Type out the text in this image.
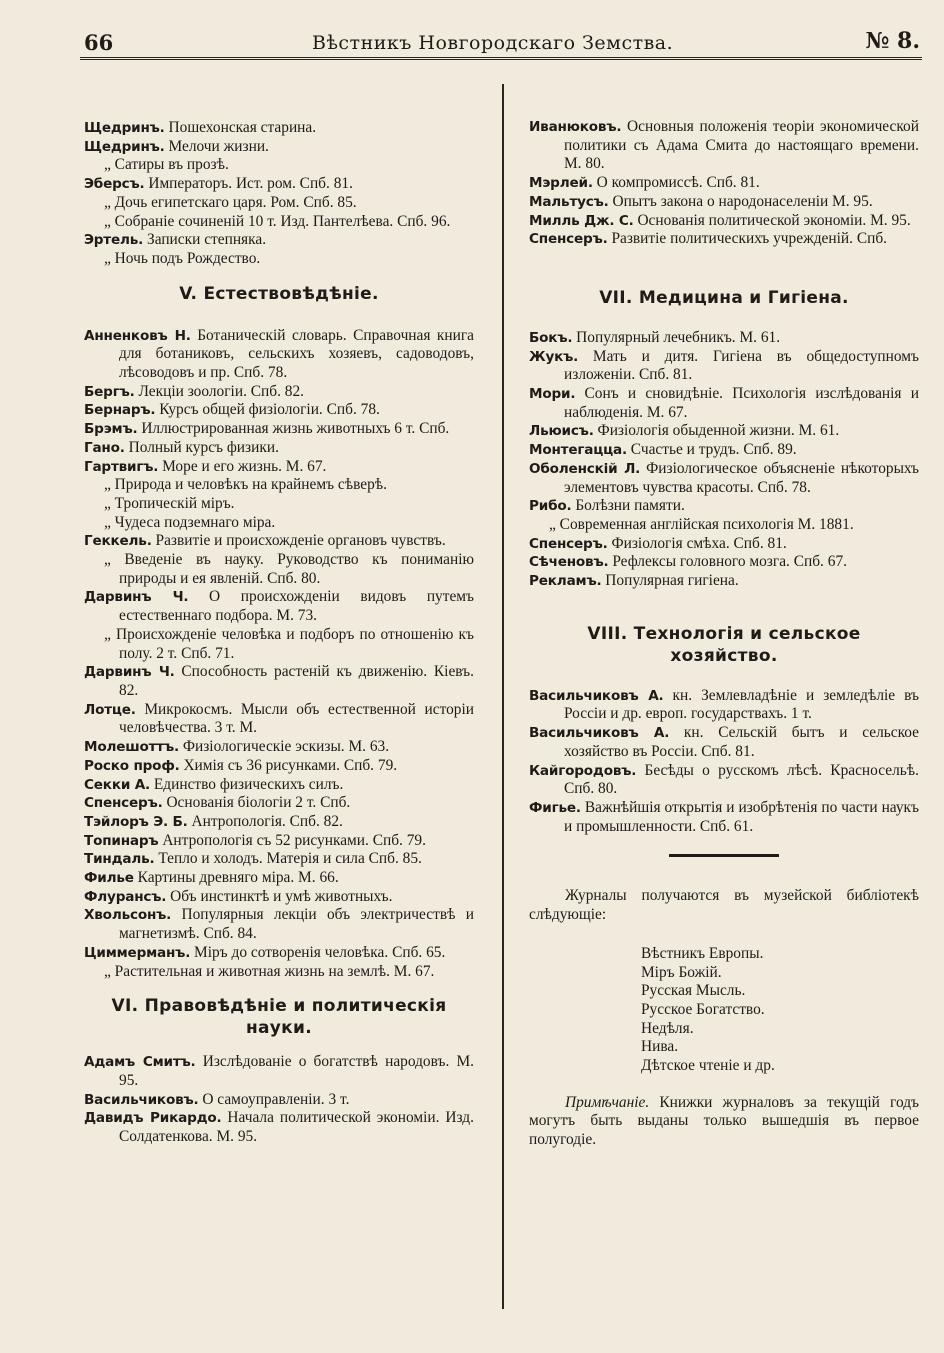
66	Вѣстникъ Новгородскаго Земства.	№ 8.
Щедринъ. Пошехонская старина.
Щедринъ. Мелочи жизни.
„ Сатиры въ прозѣ.
Эберсъ. Императоръ. Ист. ром. Спб. 81.
„ Дочь египетскаго царя. Ром. Спб. 85.
„ Собраніе сочиненій 10 т. Изд. Пантелѣева. Спб. 96.
Эртель. Записки степняка.
„ Ночь подъ Рождество.
V. Естествовѣдѣніе.
Анненковъ Н. Ботаническій словарь. Справочная книга для ботаниковъ, сельскихъ хозяевъ, садоводовъ, лѣсоводовъ и пр. Спб. 78.
Бергъ. Лекціи зоологіи. Спб. 82.
Бернаръ. Курсъ общей физіологіи. Спб. 78.
Брэмъ. Иллюстрированная жизнь животныхъ 6 т. Спб.
Гано. Полный курсъ физики.
Гартвигъ. Море и его жизнь. М. 67.
„ Природа и человѣкъ на крайнемъ сѣверѣ.
„ Тропическій міръ.
„ Чудеса подземнаго міра.
Геккель. Развитіе и происхожденіе органовъ чувствъ.
„ Введеніе въ науку. Руководство къ пониманію природы и ея явленій. Спб. 80.
Дарвинъ Ч. О происхожденіи видовъ путемъ естественнаго подбора. М. 73.
„ Происхожденіе человѣка и подборъ по отношенію къ полу. 2 т. Спб. 71.
Дарвинъ Ч. Способность растеній къ движенію. Кіевъ. 82.
Лотце. Микрокосмъ. Мысли объ естественной исторіи человѣчества. 3 т. М.
Молешоттъ. Физіологическіе эскизы. М. 63.
Роско проф. Химія съ 36 рисунками. Спб. 79.
Секки А. Единство физическихъ силъ.
Спенсеръ. Основанія біологіи 2 т. Спб.
Тэйлоръ Э. Б. Антропологія. Спб. 82.
Топинаръ Антропологія съ 52 рисунками. Спб. 79.
Тиндаль. Тепло и холодъ. Матерія и сила Спб. 85.
Филье Картины древняго міра. М. 66.
Флурансъ. Объ инстинктѣ и умѣ животныхъ.
Хвольсонъ. Популярныя лекціи объ электричествѣ и магнетизмѣ. Спб. 84.
Циммерманъ. Міръ до сотворенія человѣка. Спб. 65.
„ Растительная и животная жизнь на землѣ. М. 67.
VI. Правовѣдѣніе и политическія науки.
Адамъ Смитъ. Изслѣдованіе о богатствѣ народовъ. М. 95.
Васильчиковъ. О самоуправленіи. 3 т.
Давидъ Рикардо. Начала политической экономіи. Изд. Солдатенкова. М. 95.
Иванюковъ. Основныя положенія теоріи экономической политики съ Адама Смита до настоящаго времени. М. 80.
Мэрлей. О компромиссѣ. Спб. 81.
Мальтусъ. Опытъ закона о народонаселеніи М. 95.
Милль Дж. С. Основанія политической экономіи. М. 95.
Спенсеръ. Развитіе политическихъ учрежденій. Спб.
VII. Медицина и Гигіена.
Бокъ. Популярный лечебникъ. М. 61.
Жукъ. Мать и дитя. Гигіена въ общедоступномъ изложеніи. Спб. 81.
Мори. Сонъ и сновидѣніе. Психологія изслѣдованія и наблюденія. М. 67.
Льюисъ. Физіологія обыденной жизни. М. 61.
Монтегацца. Счастье и трудъ. Спб. 89.
Оболенскій Л. Физіологическое объясненіе нѣкоторыхъ элементовъ чувства красоты. Спб. 78.
Рибо. Болѣзни памяти.
„ Современная англійская психологія М. 1881.
Спенсеръ. Физіологія смѣха. Спб. 81.
Сѣченовъ. Рефлексы головного мозга. Спб. 67.
Рекламъ. Популярная гигіена.
VIII. Технологія и сельское хозяйство.
Васильчиковъ А. кн. Землевладѣніе и земледѣліе въ Россіи и др. европ. государствахъ. 1 т.
Васильчиковъ А. кн. Сельскій бытъ и сельское хозяйство въ Россіи. Спб. 81.
Кайгородовъ. Бесѣды о русскомъ лѣсѣ. Красносельѣ. Спб. 80.
Фигье. Важнѣйшія открытія и изобрѣтенія по части наукъ и промышленности. Спб. 61.
Журналы получаются въ музейской библіотекѣ слѣдующіе:
Вѣстникъ Европы.
Міръ Божій.
Русская Мысль.
Русское Богатство.
Недѣля.
Нива.
Дѣтское чтеніе и др.
Примѣчаніе. Книжки журналовъ за текущій годъ могутъ быть выданы только вышедшія въ первое полугодіе.
